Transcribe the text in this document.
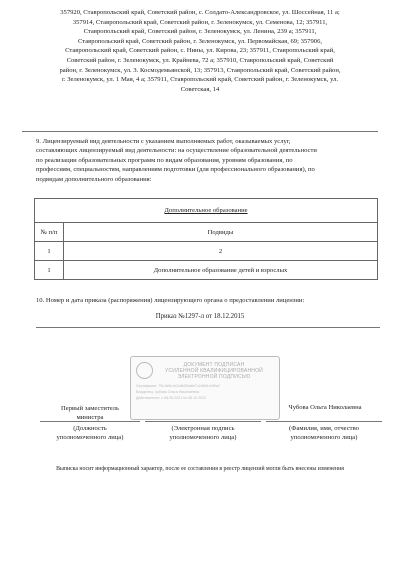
357920, Ставропольский край, Советский район, с. Солдато-Александровское, ул. Шоссейная, 11 а;
357914, Ставропольский край, Советский район, г. Зеленокумск, ул. Семенова, 12; 357911,
Ставропольский край, Советский район, г. Зеленокумск, ул. Ленина, 239 а; 357911,
Ставропольский край, Советский район, г. Зеленокумск, ул. Первомайская, 69; 357906,
Ставропольский край, Советский район, с. Нины, ул. Кирова, 23; 357911, Ставропольский край,
Советский район, г. Зеленокумск, ул. Крайнева, 72 а; 357910, Ставропольский край, Советский
район, г. Зеленокумск, ул. З. Космодемьянской, 13; 357913, Ставропольский край, Советский район,
г. Зеленокумск, ул. 1 Мая, 4 а; 357911, Ставропольский край, Советский район, г. Зеленокумск, ул.
Советская, 14
9. Лицензируемый вид деятельности с указанием выполняемых работ, оказываемых услуг,
составляющих лицензируемый вид деятельности: на осуществление образовательной деятельности
по реализации образовательных программ по видам образования, уровням образования, по
профессиям, специальностям, направлениям подготовки (для профессионального образования), по
подвидам дополнительного образования:
Дополнительное образование	
№ п/п	Подвиды
1	2
1	Дополнительное образование детей и взрослых
10. Номер и дата приказа (распоряжения) лицензирующего органа о предоставлении лицензии:
Приказ №1297-л от 18.12.2015
ДОКУМЕНТ ПОДПИСАН
УСИЛЕННОЙ КВАЛИФИЦИРОВАННОЙ
ЭЛЕКТРОННОЙ ПОДПИСЬЮ
Сертификат: 75c1d5e1e2c8b3f4a6e7c2d8b1e4f9a2
Владелец: Чубова Ольга Николаевна
Действителен: с 08.09.2021 по 08.12.2022
Первый заместитель
министра
Чубова Ольга Николаевна
(Должность
уполномоченного лица)
(Электронная подпись
уполномоченного лица)
(Фамилия, имя, отчество
уполномоченного лица)
Выписка носит информационный характер, после ее составления в реестр лицензий могли быть внесены изменения
